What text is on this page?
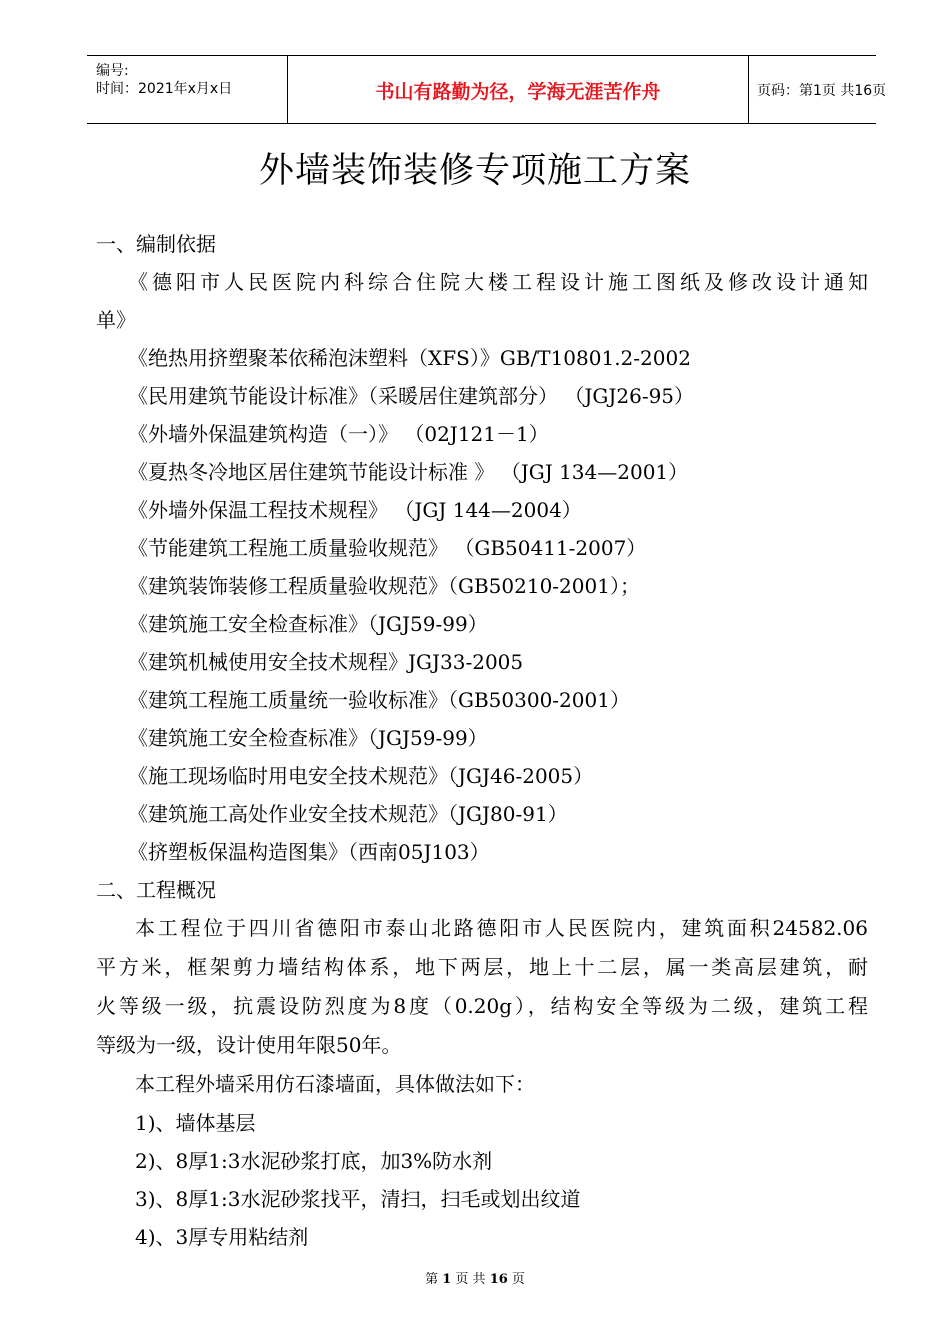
编号:
时间：2021年x月x日	书山有路勤为径，学海无涯苦作舟	页码：第1页 共16页
外墙装饰装修专项施工方案
一、编制依据
《德阳市人民医院内科综合住院大楼工程设计施工图纸及修改设计通知
单》
《绝热用挤塑聚苯依稀泡沫塑料（XFS）》GB/T10801.2-2002
《民用建筑节能设计标准》（采暖居住建筑部分） （JGJ26-95）
《外墙外保温建筑构造（一）》 （02J121－1）
《夏热冬冷地区居住建筑节能设计标准 》 （JGJ 134—2001）
《外墙外保温工程技术规程》 （JGJ 144—2004）
《节能建筑工程施工质量验收规范》 （GB50411-2007）
《建筑装饰装修工程质量验收规范》（GB50210-2001）；
《建筑施工安全检查标准》（JGJ59-99）
《建筑机械使用安全技术规程》JGJ33-2005
《建筑工程施工质量统一验收标准》（GB50300-2001）
《建筑施工安全检查标准》（JGJ59-99）
《施工现场临时用电安全技术规范》（JGJ46-2005）
《建筑施工高处作业安全技术规范》（JGJ80-91）
《挤塑板保温构造图集》（西南05J103）
二、工程概况
本工程位于四川省德阳市泰山北路德阳市人民医院内，建筑面积24582.06
平方米，框架剪力墙结构体系，地下两层，地上十二层，属一类高层建筑，耐
火等级一级，抗震设防烈度为8度（0.20g），结构安全等级为二级，建筑工程
等级为一级，设计使用年限50年。
本工程外墙采用仿石漆墙面，具体做法如下：
1)、墙体基层
2)、8厚1:3水泥砂浆打底，加3%防水剂
3)、8厚1:3水泥砂浆找平，清扫，扫毛或划出纹道
4)、3厚专用粘结剂
第 1 页 共 16 页
